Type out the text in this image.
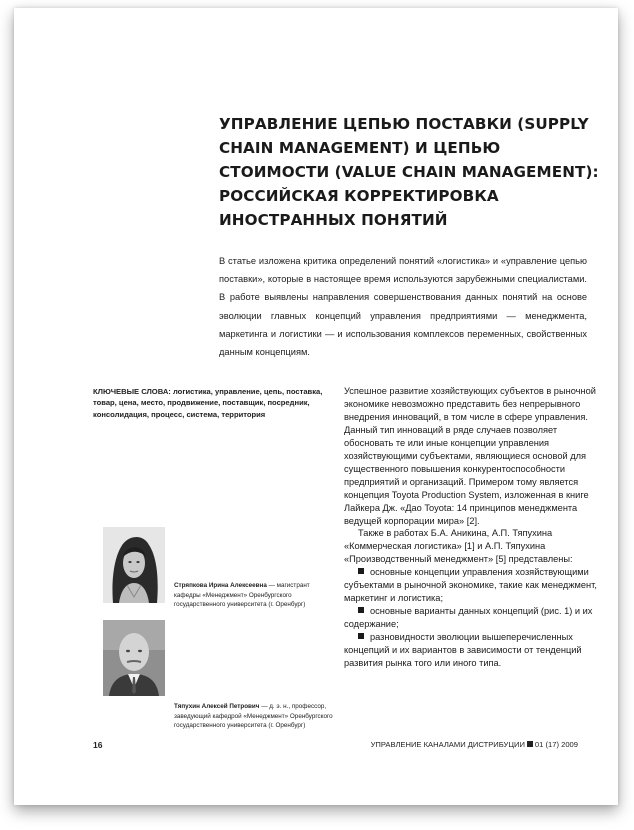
УПРАВЛЕНИЕ ЦЕПЬЮ ПОСТАВКИ (SUPPLY CHAIN MANAGEMENT) И ЦЕПЬЮ СТОИМОСТИ (VALUE CHAIN MANAGEMENT): РОССИЙСКАЯ КОРРЕКТИРОВКА ИНОСТРАННЫХ ПОНЯТИЙ

В статье изложена критика определений понятий «логистика» и «управление цепью поставки», которые в настоящее время используются зарубежными специалистами. В работе выявлены направления совершенствования данных понятий на основе эволюции главных концепций управления предприятиями — менеджмента, маркетинга и логистики — и использования комплексов переменных, свойственных данным концепциям.

КЛЮЧЕВЫЕ СЛОВА: логистика, управление, цепь, поставка, товар, цена, место, продвижение, поставщик, посредник, консолидация, процесс, система, территория

Успешное развитие хозяйствующих субъектов в рыночной экономике невозможно представить без непрерывного внедрения инноваций, в том числе в сфере управления. Данный тип инноваций в ряде случаев позволяет обосновать те или иные концепции управления хозяйствующими субъектами, являющиеся основой для существенного повышения конкурентоспособности предприятий и организаций. Примером тому является концепция Toyota Production System, изложенная в книге Лайкера Дж. «Дао Toyota: 14 принципов менеджмента ведущей корпорации мира» [2].

Также в работах Б.А. Аникина, А.П. Тяпухина «Коммерческая логистика» [1] и А.П. Тяпухина «Производственный менеджмент» [5] представлены:

основные концепции управления хозяйствующими субъектами в рыночной экономике, такие как менеджмент, маркетинг и логистика;

основные варианты данных концепций (рис. 1) и их содержание;

разновидности эволюции вышеперечисленных концепций и их вариантов в зависимости от тенденций развития рынка того или иного типа.

Стряпкова Ирина Алексеевна — магистрант кафедры «Менеджмент» Оренбургского государственного университета (г. Оренбург)

Тяпухин Алексей Петрович — д. э. н., профессор, заведующий кафедрой «Менеджмент» Оренбургского государственного университета (г. Оренбург)

16	УПРАВЛЕНИЕ КАНАЛАМИ ДИСТРИБУЦИИ 01 (17) 2009
